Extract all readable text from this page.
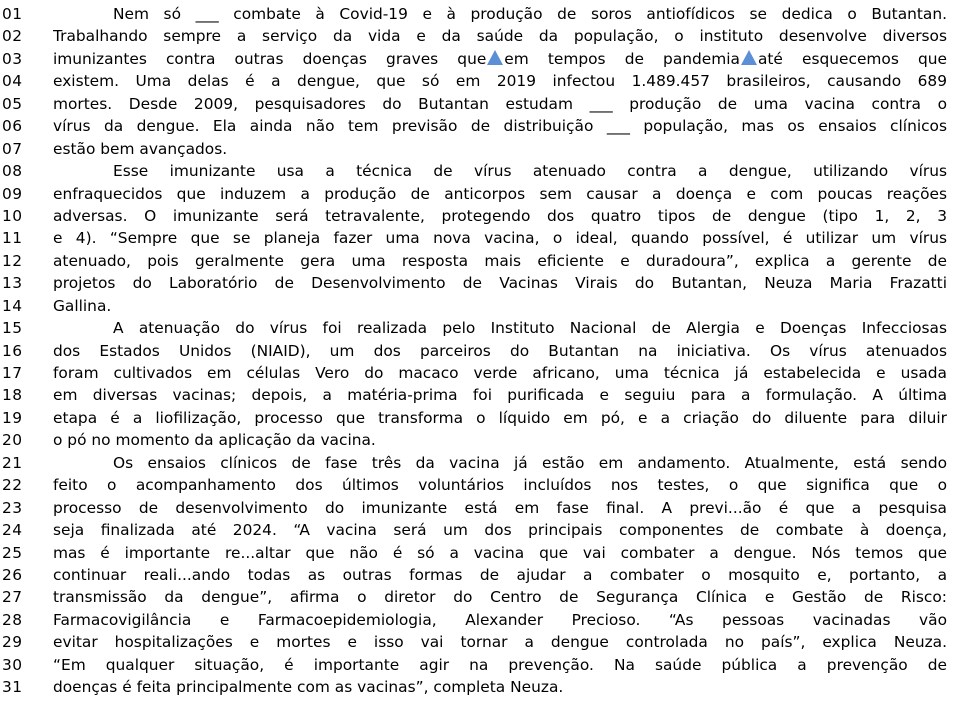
01	Nem só ___ combate à Covid-19 e à produção de soros antiofídicos se dedica o Butantan.
02	Trabalhando sempre a serviço da vida e da saúde da população, o instituto desenvolve diversos
03	imunizantes contra outras doenças graves que em tempos de pandemia até esquecemos que
04	existem. Uma delas é a dengue, que só em 2019 infectou 1.489.457 brasileiros, causando 689
05	mortes. Desde 2009, pesquisadores do Butantan estudam ___ produção de uma vacina contra o
06	vírus da dengue. Ela ainda não tem previsão de distribuição ___ população, mas os ensaios clínicos
07	estão bem avançados.
08	Esse imunizante usa a técnica de vírus atenuado contra a dengue, utilizando vírus
09	enfraquecidos que induzem a produção de anticorpos sem causar a doença e com poucas reações
10	adversas. O imunizante será tetravalente, protegendo dos quatro tipos de dengue (tipo 1, 2, 3
11	e 4). “Sempre que se planeja fazer uma nova vacina, o ideal, quando possível, é utilizar um vírus
12	atenuado, pois geralmente gera uma resposta mais eficiente e duradoura”, explica a gerente de
13	projetos do Laboratório de Desenvolvimento de Vacinas Virais do Butantan, Neuza Maria Frazatti
14	Gallina.
15	A atenuação do vírus foi realizada pelo Instituto Nacional de Alergia e Doenças Infecciosas
16	dos Estados Unidos (NIAID), um dos parceiros do Butantan na iniciativa. Os vírus atenuados
17	foram cultivados em células Vero do macaco verde africano, uma técnica já estabelecida e usada
18	em diversas vacinas; depois, a matéria-prima foi purificada e seguiu para a formulação. A última
19	etapa é a liofilização, processo que transforma o líquido em pó, e a criação do diluente para diluir
20	o pó no momento da aplicação da vacina.
21	Os ensaios clínicos de fase três da vacina já estão em andamento. Atualmente, está sendo
22	feito o acompanhamento dos últimos voluntários incluídos nos testes, o que significa que o
23	processo de desenvolvimento do imunizante está em fase final. A previ...ão é que a pesquisa
24	seja finalizada até 2024. “A vacina será um dos principais componentes de combate à doença,
25	mas é importante re...altar que não é só a vacina que vai combater a dengue. Nós temos que
26	continuar reali...ando todas as outras formas de ajudar a combater o mosquito e, portanto, a
27	transmissão da dengue”, afirma o diretor do Centro de Segurança Clínica e Gestão de Risco:
28	Farmacovigilância e Farmacoepidemiologia, Alexander Precioso. “As pessoas vacinadas vão
29	evitar hospitalizações e mortes e isso vai tornar a dengue controlada no país”, explica Neuza.
30	“Em qualquer situação, é importante agir na prevenção. Na saúde pública a prevenção de
31	doenças é feita principalmente com as vacinas”, completa Neuza.
